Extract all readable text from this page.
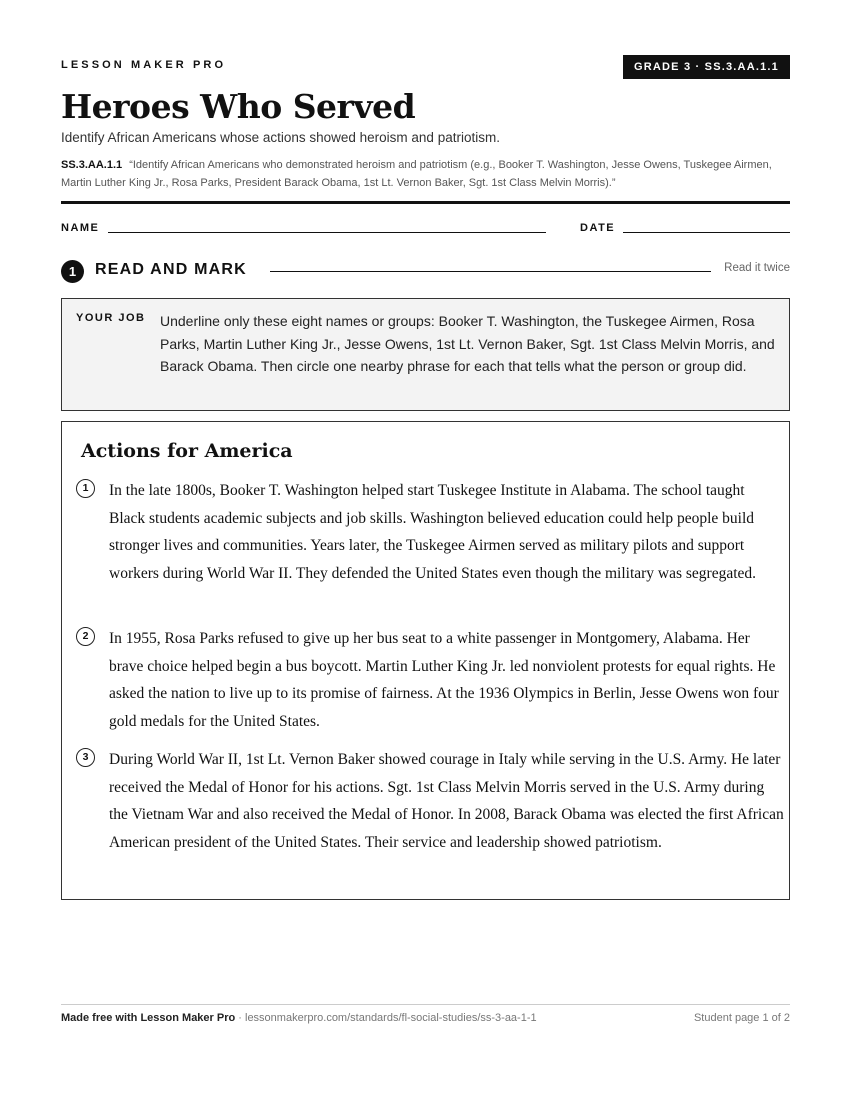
LESSON MAKER PRO	GRADE 3 · SS.3.AA.1.1
Heroes Who Served
Identify African Americans whose actions showed heroism and patriotism.
SS.3.AA.1.1 “Identify African Americans who demonstrated heroism and patriotism (e.g., Booker T. Washington, Jesse Owens, Tuskegee Airmen, Martin Luther King Jr., Rosa Parks, President Barack Obama, 1st Lt. Vernon Baker, Sgt. 1st Class Melvin Morris).”
NAME	DATE
1	READ AND MARK	Read it twice
YOUR JOB Underline only these eight names or groups: Booker T. Washington, the Tuskegee Airmen, Rosa Parks, Martin Luther King Jr., Jesse Owens, 1st Lt. Vernon Baker, Sgt. 1st Class Melvin Morris, and Barack Obama. Then circle one nearby phrase for each that tells what the person or group did.
Actions for America
1	In the late 1800s, Booker T. Washington helped start Tuskegee Institute in Alabama. The school taught Black students academic subjects and job skills. Washington believed education could help people build stronger lives and communities. Years later, the Tuskegee Airmen served as military pilots and support workers during World War II. They defended the United States even though the military was segregated.
2	In 1955, Rosa Parks refused to give up her bus seat to a white passenger in Montgomery, Alabama. Her brave choice helped begin a bus boycott. Martin Luther King Jr. led nonviolent protests for equal rights. He asked the nation to live up to its promise of fairness. At the 1936 Olympics in Berlin, Jesse Owens won four gold medals for the United States.
3	During World War II, 1st Lt. Vernon Baker showed courage in Italy while serving in the U.S. Army. He later received the Medal of Honor for his actions. Sgt. 1st Class Melvin Morris served in the U.S. Army during the Vietnam War and also received the Medal of Honor. In 2008, Barack Obama was elected the first African American president of the United States. Their service and leadership showed patriotism.
Made free with Lesson Maker Pro · lessonmakerpro.com/standards/fl-social-studies/ss-3-aa-1-1	Student page 1 of 2
